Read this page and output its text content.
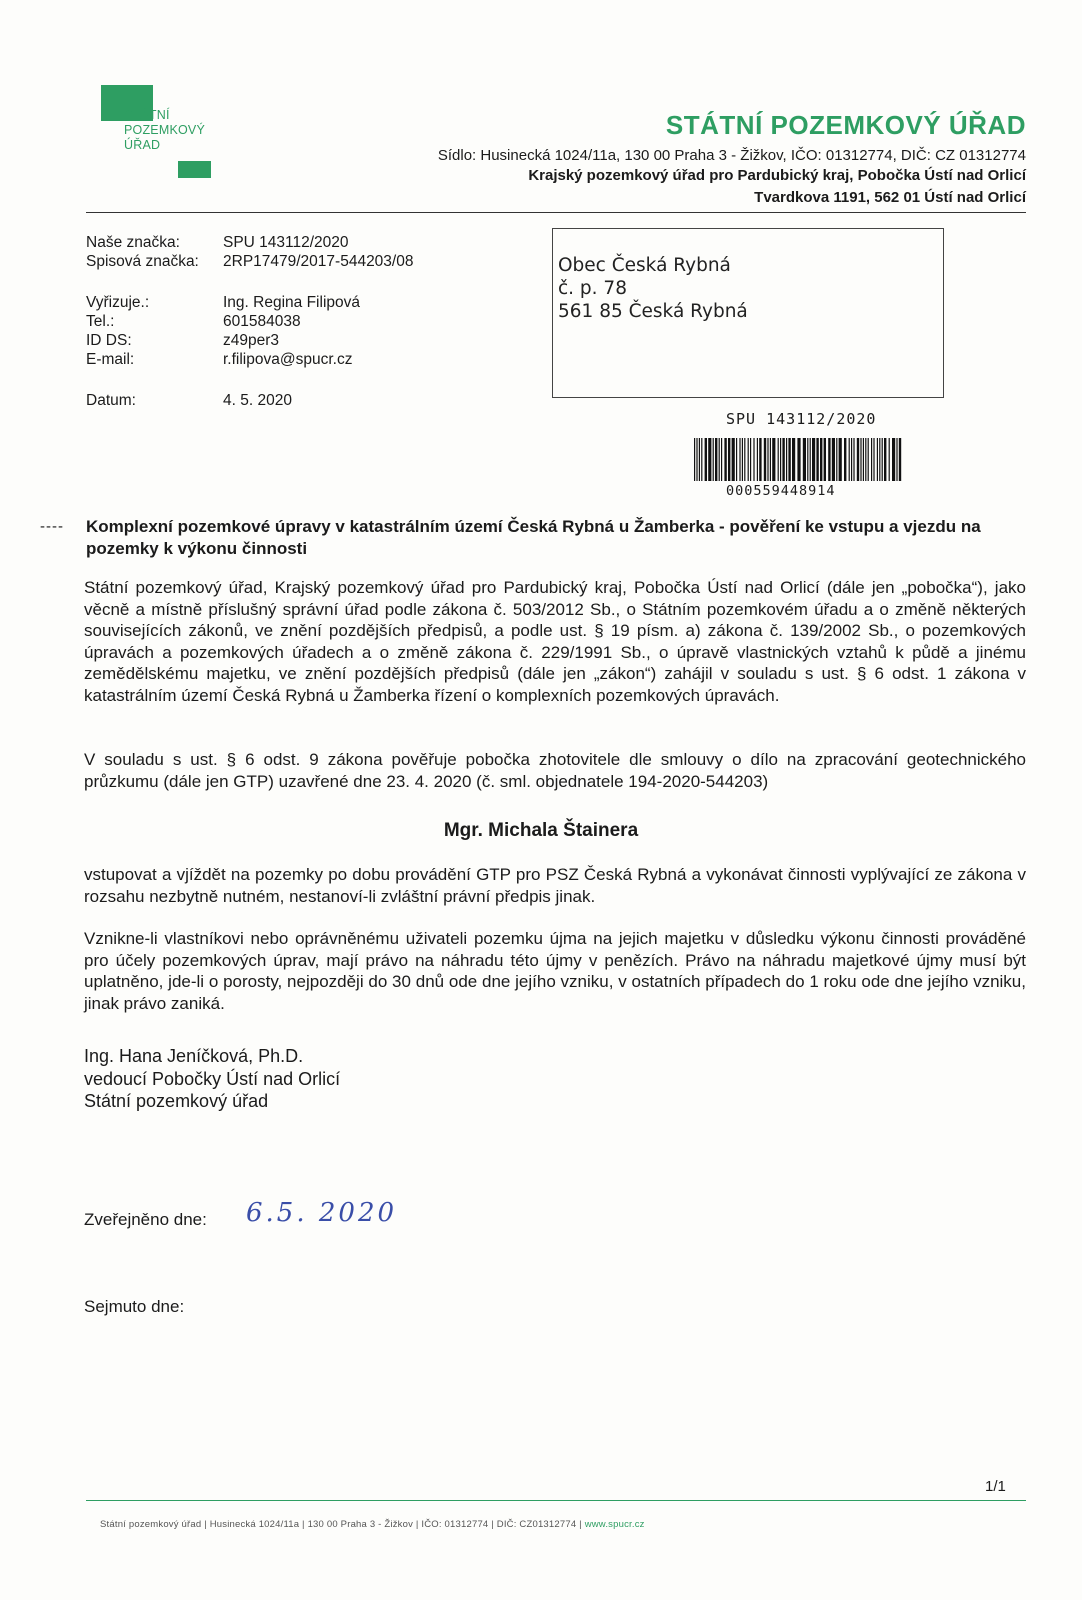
STÁTNÍ
POZEMKOVÝ
ÚŘAD
STÁTNÍ POZEMKOVÝ ÚŘAD
Sídlo: Husinecká 1024/11a, 130 00 Praha 3 - Žižkov, IČO: 01312774, DIČ: CZ 01312774
Krajský pozemkový úřad pro Pardubický kraj, Pobočka Ústí nad Orlicí
Tvardkova 1191, 562 01 Ústí nad Orlicí
Naše značka:	SPU 143112/2020
Spisová značka: 2RP17479/2017-544203/08
Vyřizuje.:	Ing. Regina Filipová
Tel.:	601584038
ID DS:	z49per3
E-mail:	r.filipova@spucr.cz
Datum:	4. 5. 2020
Obec Česká Rybná
č. p. 78
561 85 Česká Rybná
SPU 143112/2020
000559448914
---- Komplexní pozemkové úpravy v katastrálním území Česká Rybná u Žamberka - pověření ke vstupu a vjezdu na pozemky k výkonu činnosti
Státní pozemkový úřad, Krajský pozemkový úřad pro Pardubický kraj, Pobočka Ústí nad Orlicí (dále jen „pobočka“), jako věcně a místně příslušný správní úřad podle zákona č. 503/2012 Sb., o Státním pozemkovém úřadu a o změně některých souvisejících zákonů, ve znění pozdějších předpisů, a podle ust. § 19 písm. a) zákona č. 139/2002 Sb., o pozemkových úpravách a pozemkových úřadech a o změně zákona č. 229/1991 Sb., o úpravě vlastnických vztahů k půdě a jinému zemědělskému majetku, ve znění pozdějších předpisů (dále jen „zákon“) zahájil v souladu s ust. § 6 odst. 1 zákona v katastrálním území Česká Rybná u Žamberka řízení o komplexních pozemkových úpravách.
V souladu s ust. § 6 odst. 9 zákona pověřuje pobočka zhotovitele dle smlouvy o dílo na zpracování geotechnického průzkumu (dále jen GTP) uzavřené dne 23. 4. 2020 (č. sml. objednatele 194-2020-544203)
Mgr. Michala Štainera
vstupovat a vjíždět na pozemky po dobu provádění GTP pro PSZ Česká Rybná a vykonávat činnosti vyplývající ze zákona v rozsahu nezbytně nutném, nestanoví-li zvláštní právní předpis jinak.
Vznikne-li vlastníkovi nebo oprávněnému uživateli pozemku újma na jejich majetku v důsledku výkonu činnosti prováděné pro účely pozemkových úprav, mají právo na náhradu této újmy v penězích. Právo na náhradu majetkové újmy musí být uplatněno, jde-li o porosty, nejpozději do 30 dnů ode dne jejího vzniku, v ostatních případech do 1 roku ode dne jejího vzniku, jinak právo zaniká.
Ing. Hana Jeníčková, Ph.D.
vedoucí Pobočky Ústí nad Orlicí
Státní pozemkový úřad
Zveřejněno dne: 6.5. 2020
Sejmuto dne:
1/1
Státní pozemkový úřad | Husinecká 1024/11a | 130 00 Praha 3 - Žižkov | IČO: 01312774 | DIČ: CZ01312774 | www.spucr.cz
